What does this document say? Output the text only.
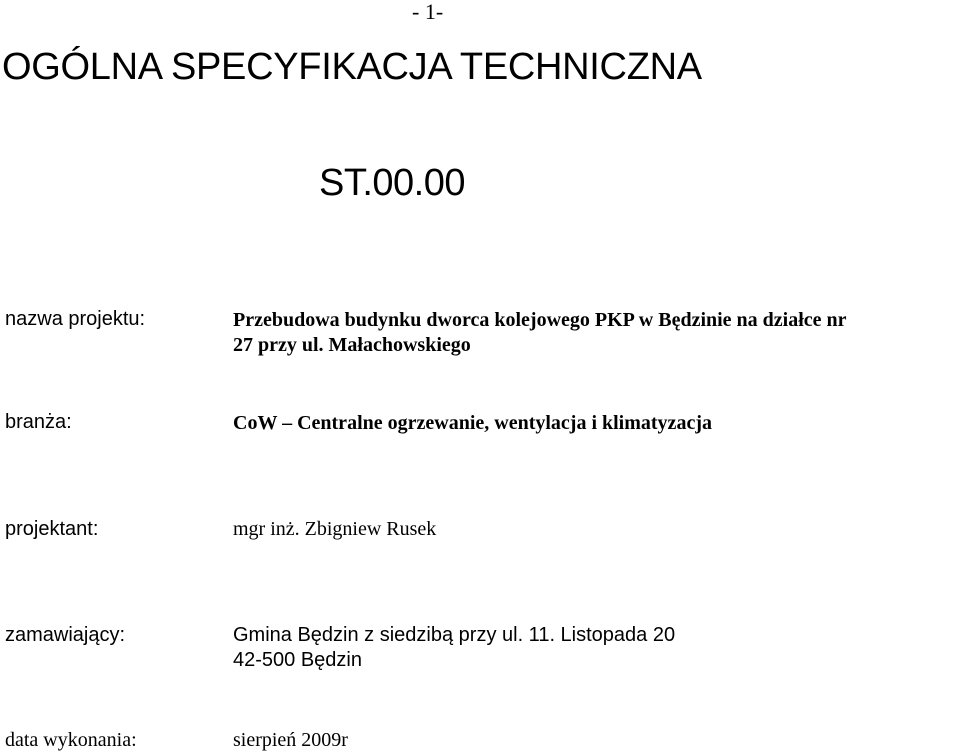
- 1-
OGÓLNA SPECYFIKACJA TECHNICZNA
ST.00.00
nazwa projektu:	Przebudowa budynku dworca kolejowego PKP w Będzinie na działce nr
27 przy ul. Małachowskiego
branża:	CoW – Centralne ogrzewanie, wentylacja i klimatyzacja
projektant:	mgr inż. Zbigniew Rusek
zamawiający:	Gmina Będzin z siedzibą przy ul. 11. Listopada 20
42-500 Będzin
data wykonania:	sierpień 2009r
